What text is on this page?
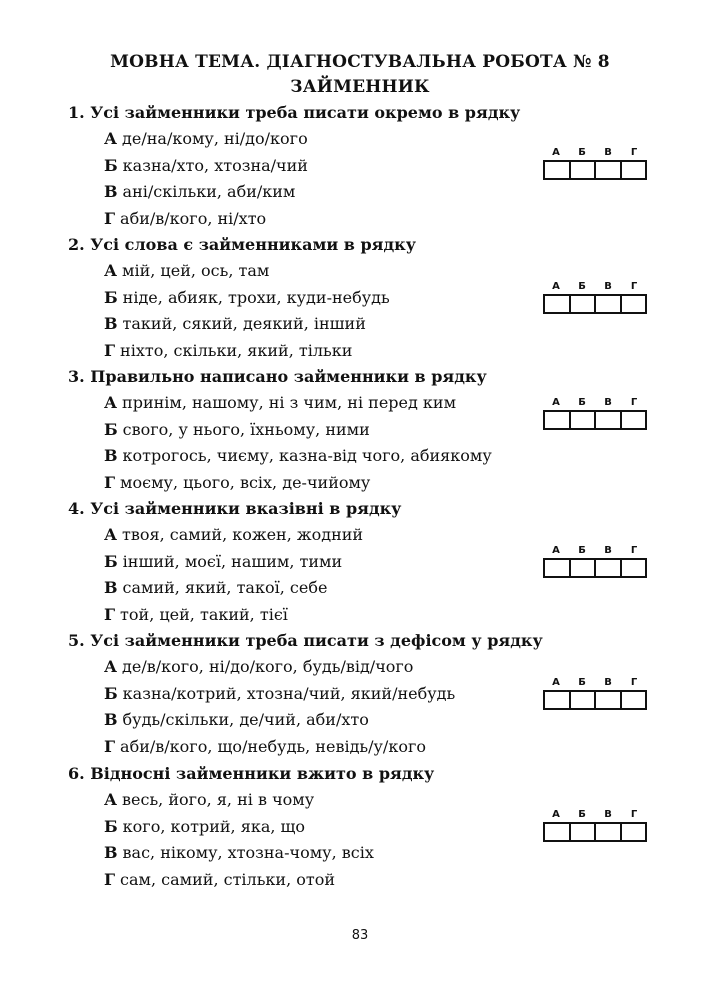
МОВНА ТЕМА. ДІАГНОСТУВАЛЬНА РОБОТА № 8
ЗАЙМЕННИК
1. Усі займенники треба писати окремо в рядку
А де/на/кому, ні/до/кого
Б казна/хто, хтозна/чий
В ані/скільки, аби/ким
Г аби/в/кого, ні/хто
А	Б	В	Г
2. Усі слова є займенниками в рядку
А мій, цей, ось, там
Б ніде, абияк, трохи, куди-небудь
В такий, сякий, деякий, інший
Г ніхто, скільки, який, тільки
А	Б	В	Г
3. Правильно написано займенники в рядку
А принім, нашому, ні з чим, ні перед ким
Б свого, у нього, їхньому, ними
В котрогось, чиєму, казна-від чого, абиякому
Г моєму, цього, всіх, де-чийому
А	Б	В	Г
4. Усі займенники вказівні в рядку
А твоя, самий, кожен, жодний
Б інший, моєї, нашим, тими
В самий, який, такої, себе
Г той, цей, такий, тієї
А	Б	В	Г
5. Усі займенники треба писати з дефісом у рядку
А де/в/кого, ні/до/кого, будь/від/чого
Б казна/котрий, хтозна/чий, який/небудь
В будь/скільки, де/чий, аби/хто
Г аби/в/кого, що/небудь, невідь/у/кого
А	Б	В	Г
6. Відносні займенники вжито в рядку
А весь, його, я, ні в чому
Б кого, котрий, яка, що
В вас, нікому, хтозна-чому, всіх
Г сам, самий, стільки, отой
А	Б	В	Г
83
